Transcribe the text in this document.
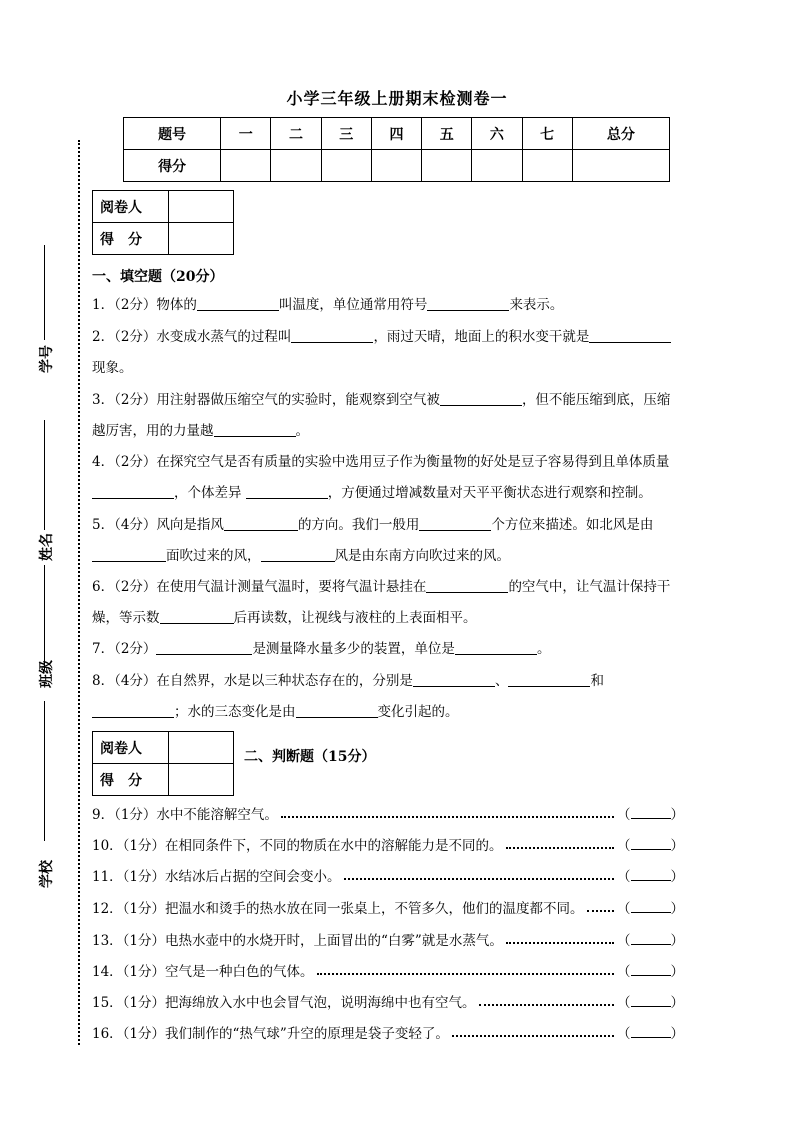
学号
姓名
班级
学校
小学三年级上册期末检测卷一
题号	一	二	三	四	五	六	七	总分
得分								
阅卷人	
得　分	
一、填空题（20分）
1．（2分）物体的	叫温度，单位通常用符号	来表示。
2．（2分）水变成水蒸气的过程叫	，雨过天晴，地面上的积水变干就是
现象。
3．（2分）用注射器做压缩空气的实验时，能观察到空气被	，但不能压缩到底，压缩
越厉害，用的力量越	。
4．（2分）在探究空气是否有质量的实验中选用豆子作为衡量物的好处是豆子容易得到且单体质量
，个体差异	，方便通过增减数量对天平平衡状态进行观察和控制。
5．（4分）风向是指风	的方向。我们一般用	个方位来描述。如北风是由
面吹过来的风，	风是由东南方向吹过来的风。
6．（2分）在使用气温计测量气温时，要将气温计悬挂在	的空气中，让气温计保持干
燥，等示数	后再读数，让视线与液柱的上表面相平。
7．（2分）	是测量降水量多少的装置，单位是	。
8．（4分）在自然界，水是以三种状态存在的，分别是	、	和
；水的三态变化是由	变化引起的。
阅卷人	
得　分	
二、判断题（15分）
9．（1分）水中不能溶解空气。	（	）
10．（1分）在相同条件下，不同的物质在水中的溶解能力是不同的。	（	）
11．（1分）水结冰后占据的空间会变小。	（	）
12．（1分）把温水和烫手的热水放在同一张桌上，不管多久，他们的温度都不同。 （	）
13．（1分）电热水壶中的水烧开时，上面冒出的“白雾”就是水蒸气。	（	）
14．（1分）空气是一种白色的气体。	（	）
15．（1分）把海绵放入水中也会冒气泡，说明海绵中也有空气。	（	）
16．（1分）我们制作的“热气球”升空的原理是袋子变轻了。	（	）
